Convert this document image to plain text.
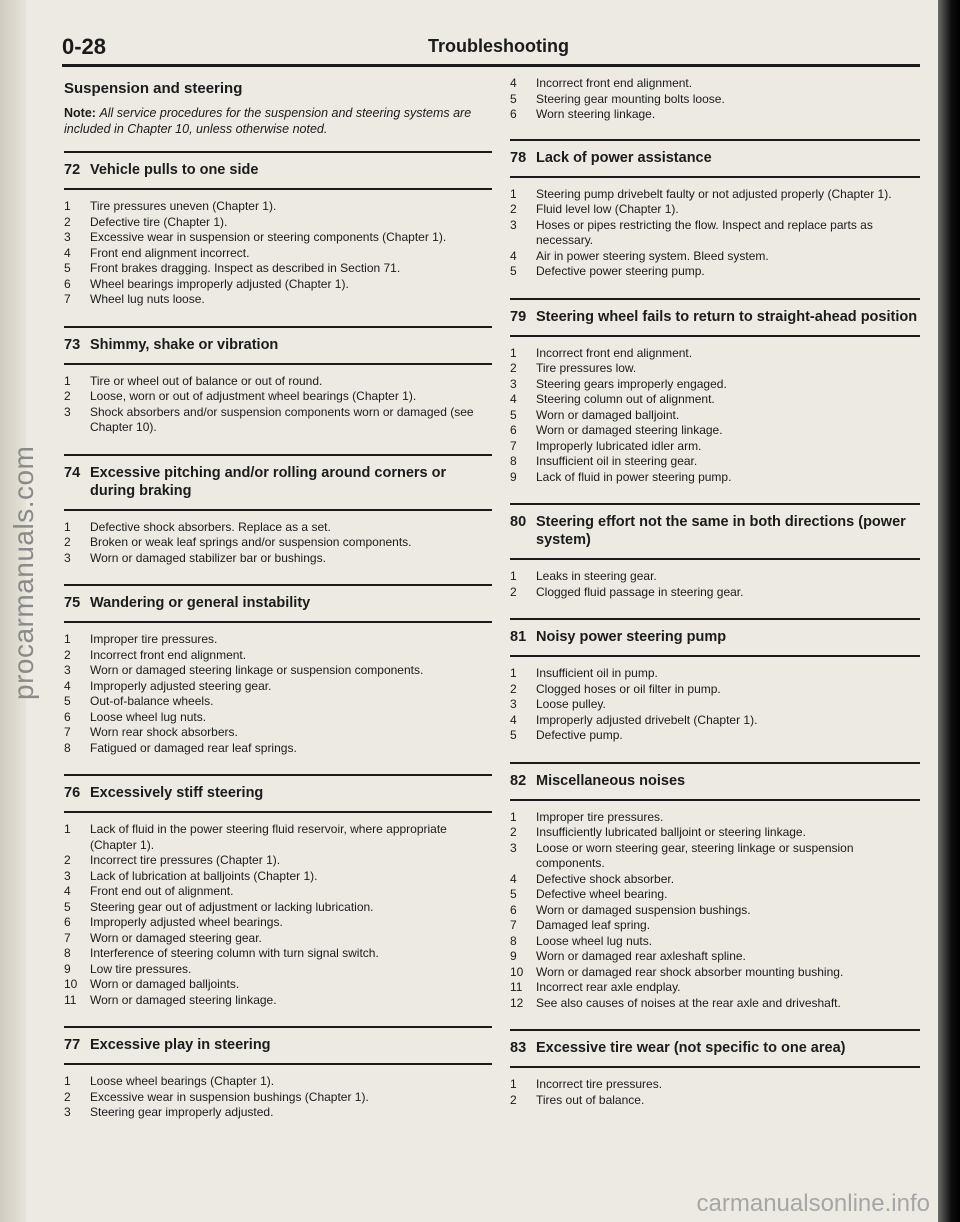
procarmanuals.com
carmanualsonline.info
0-28	Troubleshooting
Suspension and steering
Note: All service procedures for the suspension and steering systems are included in Chapter 10, unless otherwise noted.
72 Vehicle pulls to one side
1	Tire pressures uneven (Chapter 1).
2	Defective tire (Chapter 1).
3	Excessive wear in suspension or steering components (Chapter 1).
4	Front end alignment incorrect.
5	Front brakes dragging. Inspect as described in Section 71.
6	Wheel bearings improperly adjusted (Chapter 1).
7	Wheel lug nuts loose.
73 Shimmy, shake or vibration
1	Tire or wheel out of balance or out of round.
2	Loose, worn or out of adjustment wheel bearings (Chapter 1).
3	Shock absorbers and/or suspension components worn or damaged (see Chapter 10).
74 Excessive pitching and/or rolling around corners or during braking
1	Defective shock absorbers. Replace as a set.
2	Broken or weak leaf springs and/or suspension components.
3	Worn or damaged stabilizer bar or bushings.
75 Wandering or general instability
1	Improper tire pressures.
2	Incorrect front end alignment.
3	Worn or damaged steering linkage or suspension components.
4	Improperly adjusted steering gear.
5	Out-of-balance wheels.
6	Loose wheel lug nuts.
7	Worn rear shock absorbers.
8	Fatigued or damaged rear leaf springs.
76 Excessively stiff steering
1	Lack of fluid in the power steering fluid reservoir, where appropriate (Chapter 1).
2	Incorrect tire pressures (Chapter 1).
3	Lack of lubrication at balljoints (Chapter 1).
4	Front end out of alignment.
5	Steering gear out of adjustment or lacking lubrication.
6	Improperly adjusted wheel bearings.
7	Worn or damaged steering gear.
8	Interference of steering column with turn signal switch.
9	Low tire pressures.
10	Worn or damaged balljoints.
11	Worn or damaged steering linkage.
77 Excessive play in steering
1	Loose wheel bearings (Chapter 1).
2	Excessive wear in suspension bushings (Chapter 1).
3	Steering gear improperly adjusted.
4	Incorrect front end alignment.
5	Steering gear mounting bolts loose.
6	Worn steering linkage.
78 Lack of power assistance
1	Steering pump drivebelt faulty or not adjusted properly (Chapter 1).
2	Fluid level low (Chapter 1).
3	Hoses or pipes restricting the flow. Inspect and replace parts as necessary.
4	Air in power steering system. Bleed system.
5	Defective power steering pump.
79 Steering wheel fails to return to straight-ahead position
1	Incorrect front end alignment.
2	Tire pressures low.
3	Steering gears improperly engaged.
4	Steering column out of alignment.
5	Worn or damaged balljoint.
6	Worn or damaged steering linkage.
7	Improperly lubricated idler arm.
8	Insufficient oil in steering gear.
9	Lack of fluid in power steering pump.
80 Steering effort not the same in both directions (power system)
1	Leaks in steering gear.
2	Clogged fluid passage in steering gear.
81 Noisy power steering pump
1	Insufficient oil in pump.
2	Clogged hoses or oil filter in pump.
3	Loose pulley.
4	Improperly adjusted drivebelt (Chapter 1).
5	Defective pump.
82 Miscellaneous noises
1	Improper tire pressures.
2	Insufficiently lubricated balljoint or steering linkage.
3	Loose or worn steering gear, steering linkage or suspension components.
4	Defective shock absorber.
5	Defective wheel bearing.
6	Worn or damaged suspension bushings.
7	Damaged leaf spring.
8	Loose wheel lug nuts.
9	Worn or damaged rear axleshaft spline.
10	Worn or damaged rear shock absorber mounting bushing.
11	Incorrect rear axle endplay.
12	See also causes of noises at the rear axle and driveshaft.
83 Excessive tire wear (not specific to one area)
1	Incorrect tire pressures.
2	Tires out of balance.
